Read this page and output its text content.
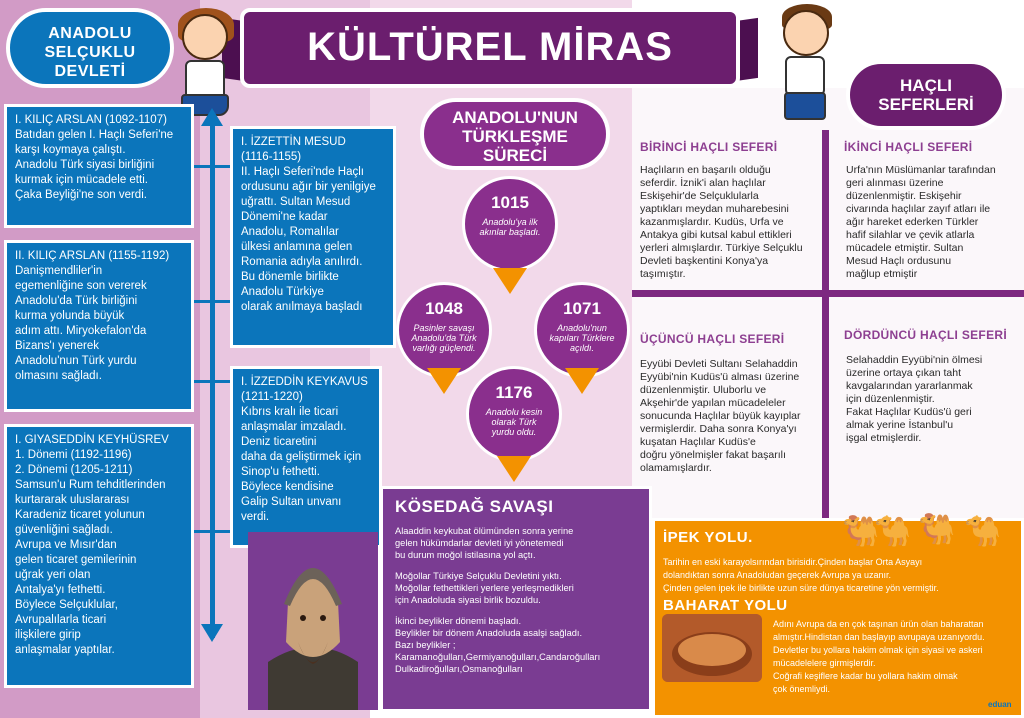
ANADOLU
SELÇUKLU
DEVLETİ
KÜLTÜREL MİRAS
I. KILIÇ ARSLAN (1092-1107)
Batıdan gelen I. Haçlı Seferi'ne
karşı koymaya çalıştı.
Anadolu Türk siyasi birliğini
kurmak için mücadele etti.
Çaka Beyliği'ne son verdi.
II. KILIÇ ARSLAN (1155-1192)
Danişmendliler'in
egemenliğine son vererek
Anadolu'da Türk birliğini
kurma yolunda büyük
adım attı. Miryokefalon'da
Bizans'ı yenerek
Anadolu'nun Türk yurdu
olmasını sağladı.
I. GIYASEDDİN KEYHÜSREV
1. Dönemi (1192-1196)
2. Dönemi (1205-1211)
Samsun'u Rum tehditlerinden
kurtararak uluslararası
Karadeniz ticaret yolunun
güvenliğini sağladı.
Avrupa ve Mısır'dan
gelen ticaret gemilerinin
uğrak yeri olan
Antalya'yı fethetti.
Böylece Selçuklular,
Avrupalılarla ticari
ilişkilere girip
anlaşmalar yaptılar.
I. İZZETTİN MESUD
(1116-1155)
II. Haçlı Seferi'nde Haçlı
ordusunu ağır bir yenilgiye
uğrattı. Sultan Mesud
Dönemi'ne kadar
Anadolu, Romalılar
ülkesi anlamına gelen
Romania adıyla anılırdı.
Bu dönemle birlikte
Anadolu Türkiye
olarak anılmaya başladı
I. İZZEDDİN KEYKAVUS
(1211-1220)
Kıbrıs kralı ile ticari
anlaşmalar imzaladı.
Deniz ticaretini
daha da geliştirmek için
Sinop'u fethetti.
Böylece kendisine
Galip Sultan unvanı
verdi.
ANADOLU'NUN
TÜRKLEŞME
SÜRECİ
1015
Anadolu'ya ilk akınlar başladı.
1048
Pasinler savaşı Anadolu'da Türk varlığı güçlendi.
1071
Anadolu'nun kapıları Türklere açıldı.
1176
Anadolu kesin olarak Türk yurdu oldu.
KÖSEDAĞ SAVAŞI
Alaaddin keykubat ölümünden sonra yerine
gelen hükümdarlar devleti iyi yönetemedi
bu durum moğol istilasına yol açtı.
Moğollar Türkiye Selçuklu Devletini yıktı.
Moğollar fethettikleri yerlere yerleşmedikleri
için Anadoluda siyasi birlik bozuldu.
İkinci beylikler dönemi başladı.
Beylikler bir dönem Anadoluda asalşi sağladı.
Bazı beylikler ;
Karamanoğulları,Germiyanoğulları,Candaroğulları
Dulkadiroğulları,Osmanoğulları
HAÇLI
SEFERLERİ
BİRİNCİ HAÇLI SEFERİ
Haçlıların en başarılı olduğu
seferdir. İznik'i alan haçlılar
Eskişehir'de Selçuklularla
yaptıkları meydan muharebesini
kazanmışlardır. Kudüs, Urfa ve
Antakya gibi kutsal kabul ettikleri
yerleri almışlardır. Türkiye Selçuklu
Devleti başkentini Konya'ya
taşımıştır.
İKİNCİ HAÇLI SEFERİ
Urfa'nın Müslümanlar tarafından
geri alınması üzerine
düzenlenmiştir. Eskişehir
civarında haçlılar zayıf atları ile
ağır hareket ederken Türkler
hafif silahlar ve çevik atlarla
mücadele etmiştir. Sultan
Mesud Haçlı ordusunu
mağlup etmiştir
ÜÇÜNCÜ HAÇLI SEFERİ
Eyyübi Devleti Sultanı Selahaddin
Eyyübi'nin Kudüs'ü alması üzerine
düzenlenmiştir. Uluborlu ve
Akşehir'de yapılan mücadeleler
sonucunda Haçlılar büyük kayıplar
vermişlerdir. Daha sonra Konya'yı
kuşatan Haçlılar Kudüs'e
doğru yönelmişler fakat başarılı
olamamışlardır.
DÖRDÜNCÜ HAÇLI SEFERİ
Selahaddin Eyyübi'nin ölmesi
üzerine ortaya çıkan taht
kavgalarından yararlanmak
için düzenlenmiştir.
Fakat Haçlılar Kudüs'ü geri
almak yerine İstanbul'u
işgal etmişlerdir.
İPEK YOLU.
Tarihin en eski karayolsırından birisidir.Çinden başlar Orta Asyayı
dolandıktan sonra Anadoludan geçerek Avrupa ya uzanır.
Çinden gelen ipek ile birlikte uzun süre dünya ticaretine yön vermiştir.
BAHARAT YOLU
Adını Avrupa da en çok taşınan ürün olan baharattan
almıştır.Hindistan dan başlayıp avrupaya uzanıyordu.
Devletler bu yollara hakim olmak için siyasi ve askeri
mücadelelere girmişlerdir.
Coğrafi keşiflere kadar bu yollara hakim olmak
çok önemliydi.
🐫
🐪 🐫 🐪
eduan
